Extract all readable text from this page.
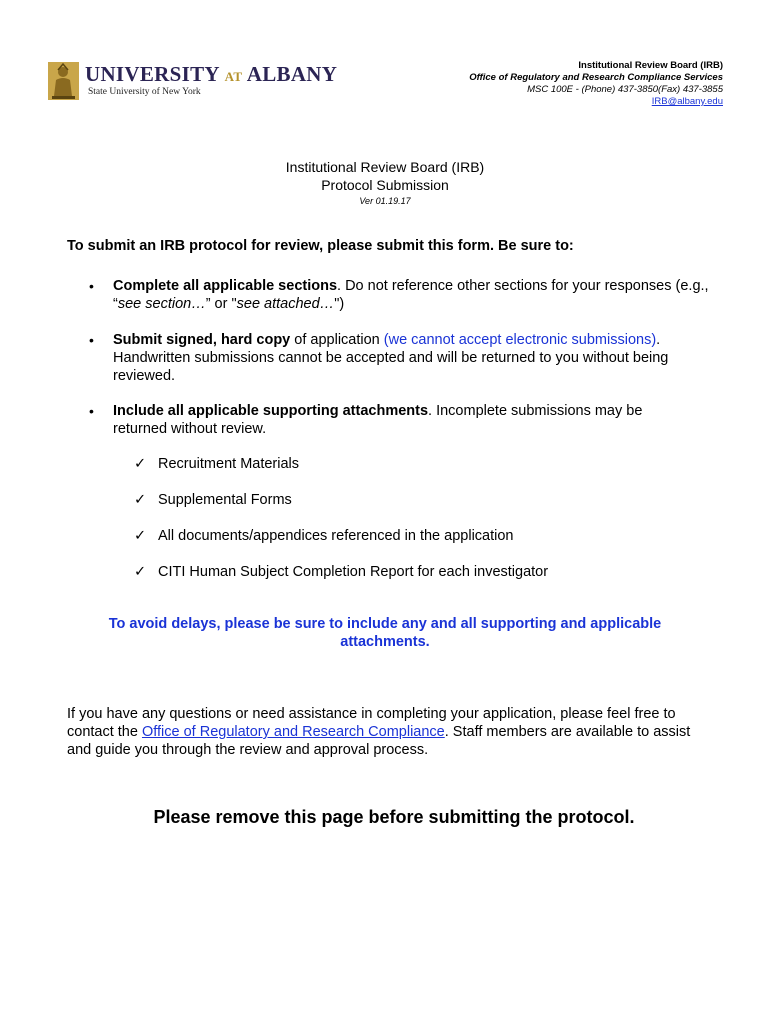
UNIVERSITY AT ALBANY
State University of New York
Institutional Review Board (IRB)
Office of Regulatory and Research Compliance Services
MSC 100E - (Phone) 437-3850(Fax) 437-3855
IRB@albany.edu
Institutional Review Board (IRB)
Protocol Submission
Ver 01.19.17
To submit an IRB protocol for review, please submit this form. Be sure to:
• Complete all applicable sections. Do not reference other sections for your responses (e.g., “see section…” or "see attached…")
• Submit signed, hard copy of application (we cannot accept electronic submissions). Handwritten submissions cannot be accepted and will be returned to you without being reviewed.
• Include all applicable supporting attachments. Incomplete submissions may be returned without review.
✓ Recruitment Materials
✓ Supplemental Forms
✓ All documents/appendices referenced in the application
✓ CITI Human Subject Completion Report for each investigator
To avoid delays, please be sure to include any and all supporting and applicable attachments.
If you have any questions or need assistance in completing your application, please feel free to contact the Office of Regulatory and Research Compliance. Staff members are available to assist and guide you through the review and approval process.
Please remove this page before submitting the protocol.
